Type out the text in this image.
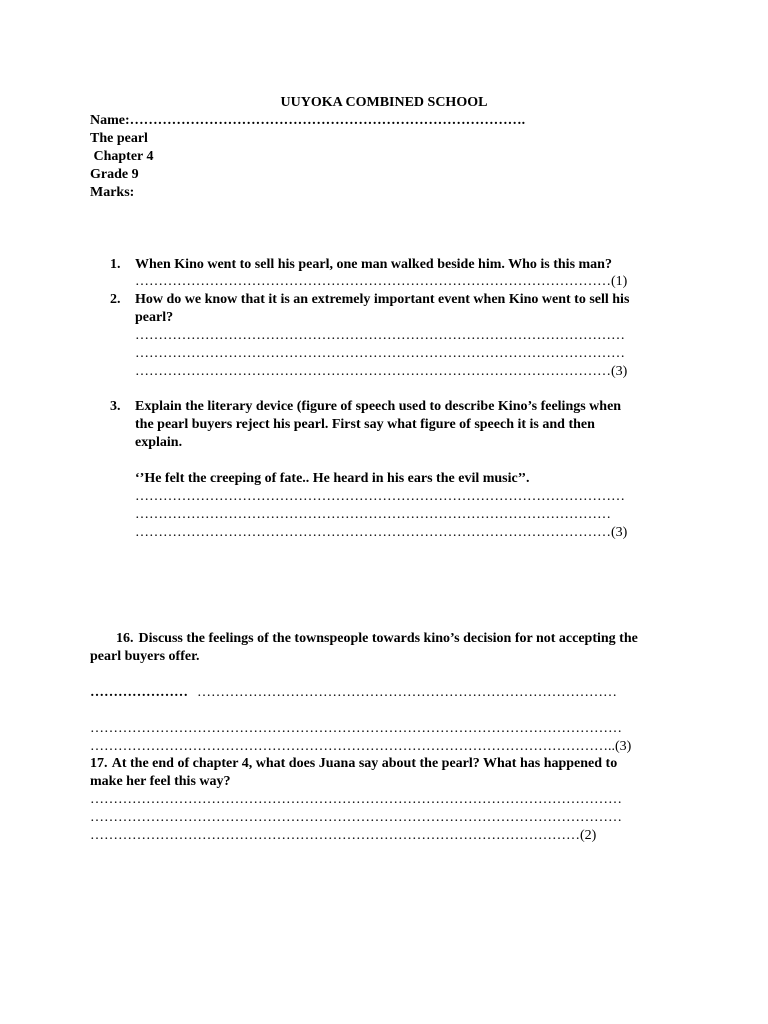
UUYOKA COMBINED SCHOOL
Name:………………………………………………………………………….
The pearl
Chapter 4
Grade 9
Marks:
1. When Kino went to sell his pearl, one man walked beside him. Who is this man?
…………………………………………………………………………………………(1)
2. How do we know that it is an extremely important event when Kino went to sell his
pearl?
……………………………………………………………………………………………
……………………………………………………………………………………………
…………………………………………………………………………………………(3)
3. Explain the literary device (figure of speech used to describe Kino’s feelings when
the pearl buyers reject his pearl. First say what figure of speech it is and then
explain.
‘’He felt the creeping of fate.. He heard in his ears the evil music’’.
……………………………………………………………………………………………
…………………………………………………………………………………………
…………………………………………………………………………………………(3)
16. Discuss the feelings of the townspeople towards kino’s decision for not accepting the
pearl buyers offer.
………………… ………………………………………………………………………………
……………………………………………………………………………………………………
…………………………………………………………………………………………………..(3)
17. At the end of chapter 4, what does Juana say about the pearl? What has happened to
make her feel this way?
……………………………………………………………………………………………………
……………………………………………………………………………………………………
……………………………………………………………………………………………(2)
